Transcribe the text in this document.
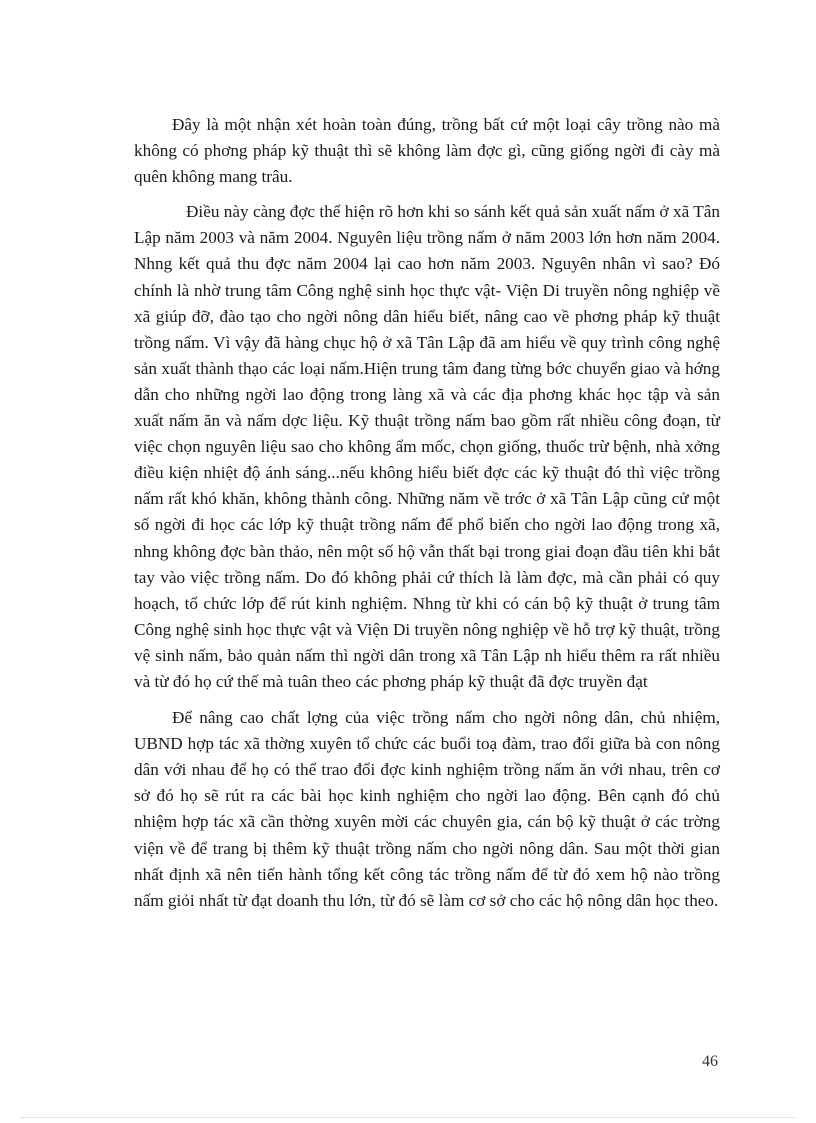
Đây là một nhận xét hoàn toàn đúng, trồng bất cứ một loại cây trồng nào mà không có phơng pháp kỹ thuật thì sẽ không làm đợc gì, cũng giống ngời đi cày mà quên không mang trâu.

Điều này càng đợc thể hiện rõ hơn khi so sánh kết quả sản xuất nấm ở xã Tân Lập năm 2003 và năm 2004. Nguyên liệu trồng nấm ở năm 2003 lớn hơn năm 2004. Nhng kết quả thu đợc năm 2004 lại cao hơn năm 2003. Nguyên nhân vì sao? Đó chính là nhờ trung tâm Công nghệ sinh học thực vật- Viện Di truyền nông nghiệp về xã giúp đỡ, đào tạo cho ngời nông dân hiểu biết, nâng cao về phơng pháp kỹ thuật trồng nấm. Vì vậy đã hàng chục hộ ở xã Tân Lập đã am hiểu về quy trình công nghệ sản xuất thành thạo các loại nấm.Hiện trung tâm đang từng bớc chuyển giao và hớng dẫn cho những ngời lao động trong làng xã và các địa phơng khác học tập và sản xuất nấm ăn và nấm dợc liệu. Kỹ thuật trồng nấm bao gồm rất nhiều công đoạn, từ việc chọn nguyên liệu sao cho không ẩm mốc, chọn giống, thuốc trừ bệnh, nhà xởng điều kiện nhiệt độ ánh sáng...nếu không hiểu biết đợc các kỹ thuật đó thì việc trồng nấm rất khó khăn, không thành công. Những năm về trớc ở xã Tân Lập cũng cử một số ngời đi học các lớp kỹ thuật trồng nấm để phổ biến cho ngời lao động trong xã, nhng không đợc bàn thảo, nên một số hộ vẫn thất bại trong giai đoạn đầu tiên khi bắt tay vào việc trồng nấm. Do đó không phải cứ thích là làm đợc, mà cần phải có quy hoạch, tổ chức lớp để rút kinh nghiệm. Nhng từ khi có cán bộ kỹ thuật ở trung tâm Công nghệ sinh học thực vật và Viện Di truyền nông nghiệp về hỗ trợ kỹ thuật, trồng vệ sinh nấm, bảo quản nấm thì ngời dân trong xã Tân Lập nh hiểu thêm ra rất nhiều và từ đó họ cứ thế mà tuân theo các phơng pháp kỹ thuật đã đợc truyền đạt

Để nâng cao chất lợng của việc trồng nấm cho ngời nông dân, chủ nhiệm, UBND hợp tác xã thờng xuyên tổ chức các buổi toạ đàm, trao đổi giữa bà con nông dân với nhau để họ có thể trao đổi đợc kinh nghiệm trồng nấm ăn với nhau, trên cơ sở đó họ sẽ rút ra các bài học kinh nghiệm cho ngời lao động. Bên cạnh đó chủ nhiệm hợp tác xã cần thờng xuyên mời các chuyên gia, cán bộ kỹ thuật ở các trờng viện về để trang bị thêm kỹ thuật trồng nấm cho ngời nông dân. Sau một thời gian nhất định xã nên tiến hành tổng kết công tác trồng nấm để từ đó xem hộ nào trồng nấm giỏi nhất từ đạt doanh thu lớn, từ đó sẽ làm cơ sở cho các hộ nông dân học theo.

46
